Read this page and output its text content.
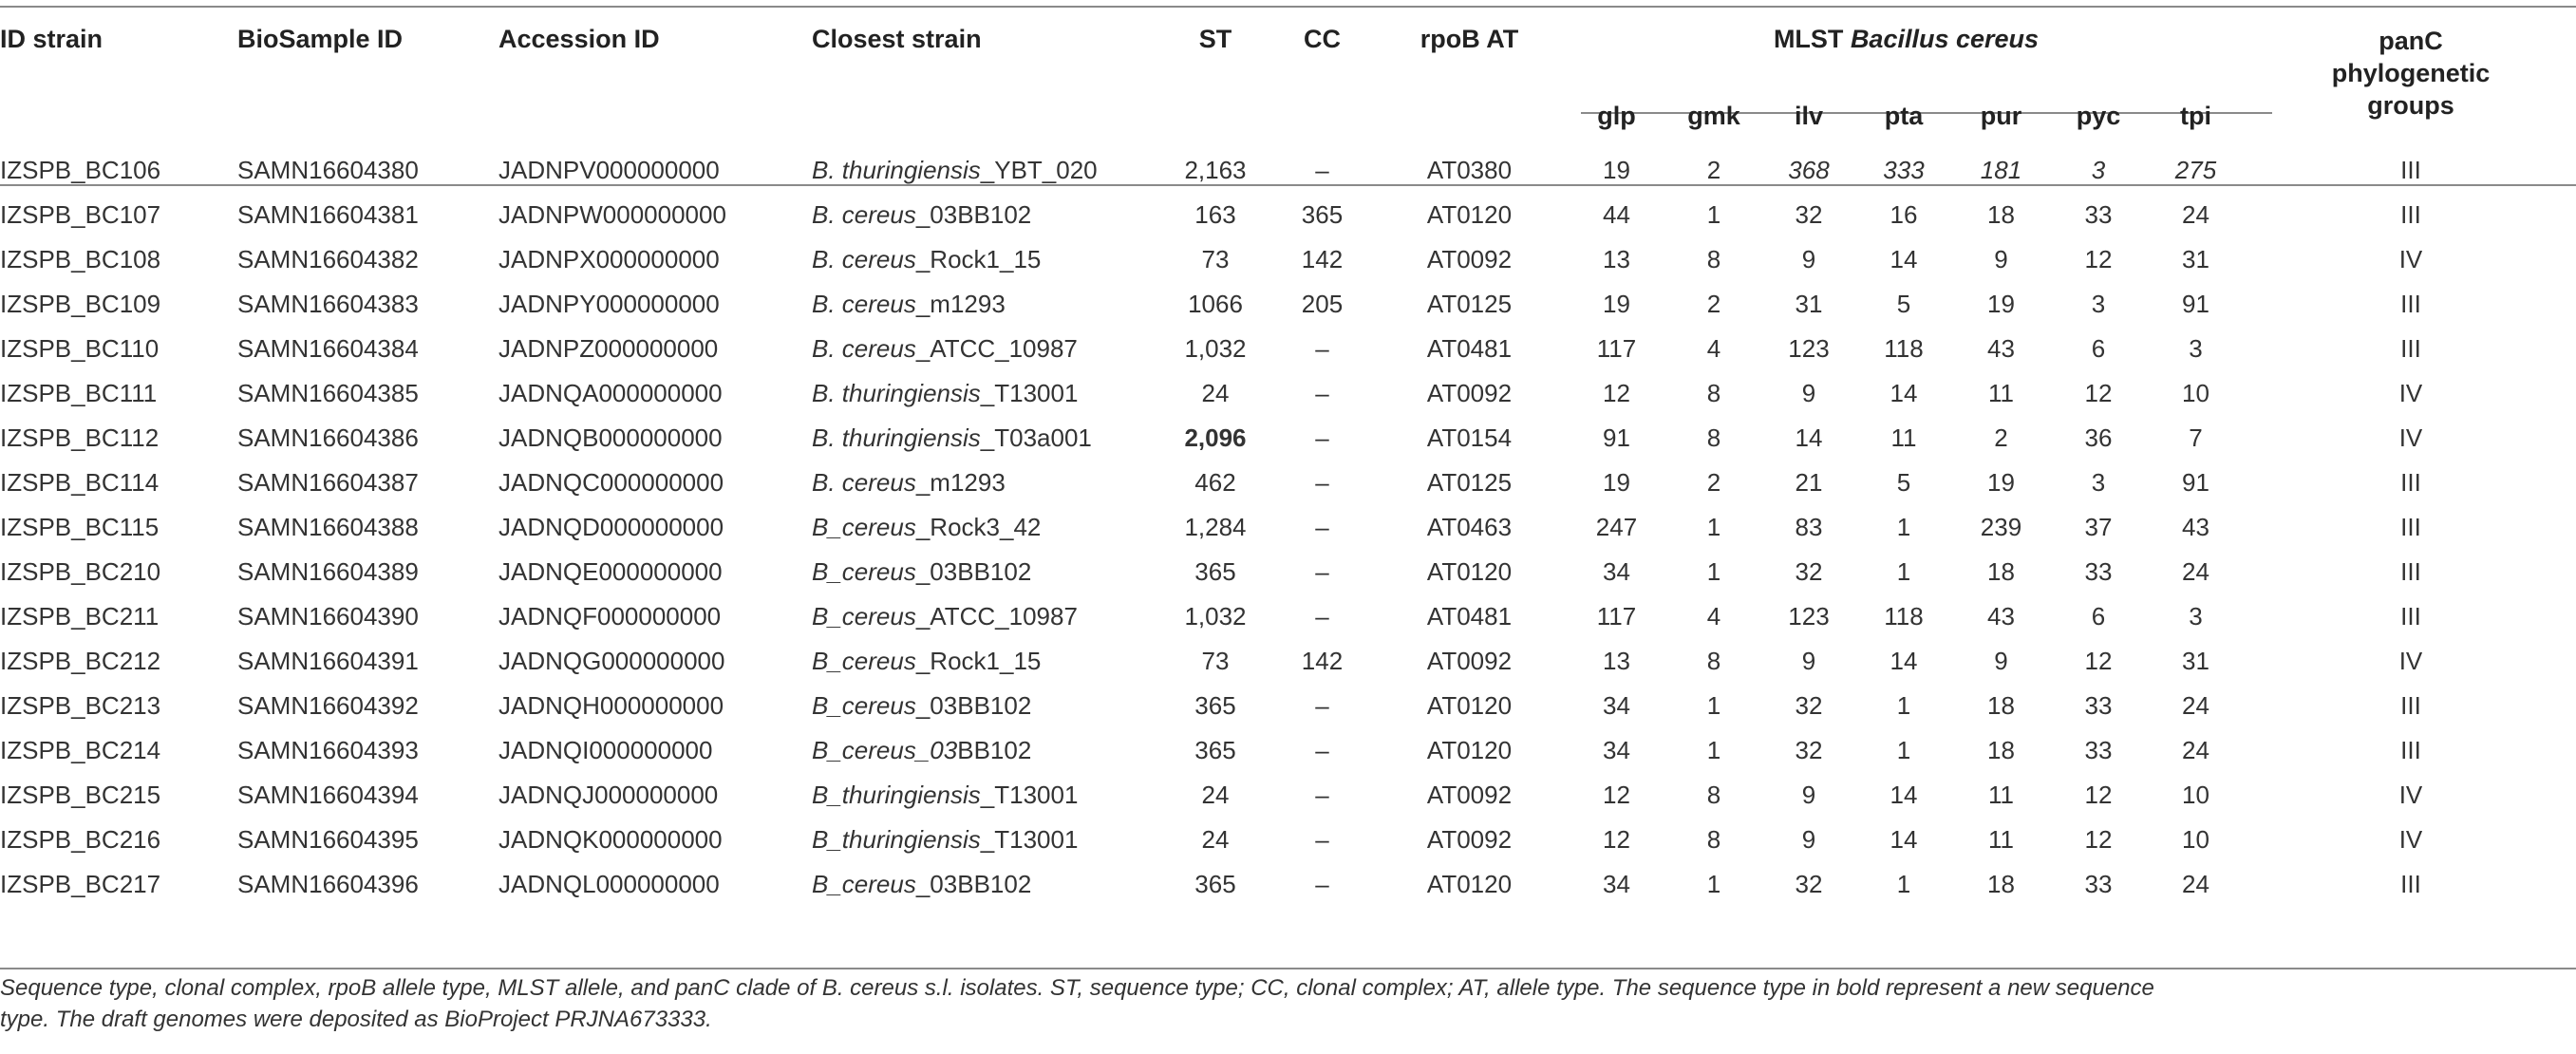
ID strain	BioSample ID	Accession ID	Closest strain	ST	CC	rpoB AT	MLST Bacillus cereus							panC
phylogenetic
groups

							glp	gmk	ilv	pta	pur	pyc	tpi	
IZSPB_BC106	SAMN16604380	JADNPV000000000	B. thuringiensis_YBT_020	2,163	–	AT0380	19	2	368	333	181	3	275	III
IZSPB_BC107	SAMN16604381	JADNPW000000000	B. cereus_03BB102	163	365	AT0120	44	1	32	16	18	33	24	III
IZSPB_BC108	SAMN16604382	JADNPX000000000	B. cereus_Rock1_15	73	142	AT0092	13	8	9	14	9	12	31	IV
IZSPB_BC109	SAMN16604383	JADNPY000000000	B. cereus_m1293	1066	205	AT0125	19	2	31	5	19	3	91	III
IZSPB_BC110	SAMN16604384	JADNPZ000000000	B. cereus_ATCC_10987	1,032	–	AT0481	117	4	123	118	43	6	3	III
IZSPB_BC111	SAMN16604385	JADNQA000000000	B. thuringiensis_T13001	24	–	AT0092	12	8	9	14	11	12	10	IV
IZSPB_BC112	SAMN16604386	JADNQB000000000	B. thuringiensis_T03a001	2,096	–	AT0154	91	8	14	11	2	36	7	IV
IZSPB_BC114	SAMN16604387	JADNQC000000000	B. cereus_m1293	462	–	AT0125	19	2	21	5	19	3	91	III
IZSPB_BC115	SAMN16604388	JADNQD000000000	B_cereus_Rock3_42	1,284	–	AT0463	247	1	83	1	239	37	43	III
IZSPB_BC210	SAMN16604389	JADNQE000000000	B_cereus_03BB102	365	–	AT0120	34	1	32	1	18	33	24	III
IZSPB_BC211	SAMN16604390	JADNQF000000000	B_cereus_ATCC_10987	1,032	–	AT0481	117	4	123	118	43	6	3	III
IZSPB_BC212	SAMN16604391	JADNQG000000000	B_cereus_Rock1_15	73	142	AT0092	13	8	9	14	9	12	31	IV
IZSPB_BC213	SAMN16604392	JADNQH000000000	B_cereus_03BB102	365	–	AT0120	34	1	32	1	18	33	24	III
IZSPB_BC214	SAMN16604393	JADNQI000000000	B_cereus_03BB102	365	–	AT0120	34	1	32	1	18	33	24	III
IZSPB_BC215	SAMN16604394	JADNQJ000000000	B_thuringiensis_T13001	24	–	AT0092	12	8	9	14	11	12	10	IV
IZSPB_BC216	SAMN16604395	JADNQK000000000	B_thuringiensis_T13001	24	–	AT0092	12	8	9	14	11	12	10	IV
IZSPB_BC217	SAMN16604396	JADNQL000000000	B_cereus_03BB102	365	–	AT0120	34	1	32	1	18	33	24	III
Sequence type, clonal complex, rpoB allele type, MLST allele, and panC clade of B. cereus s.l. isolates. ST, sequence type; CC, clonal complex; AT, allele type. The sequence type in bold represent a new sequence
type. The draft genomes were deposited as BioProject PRJNA673333.
